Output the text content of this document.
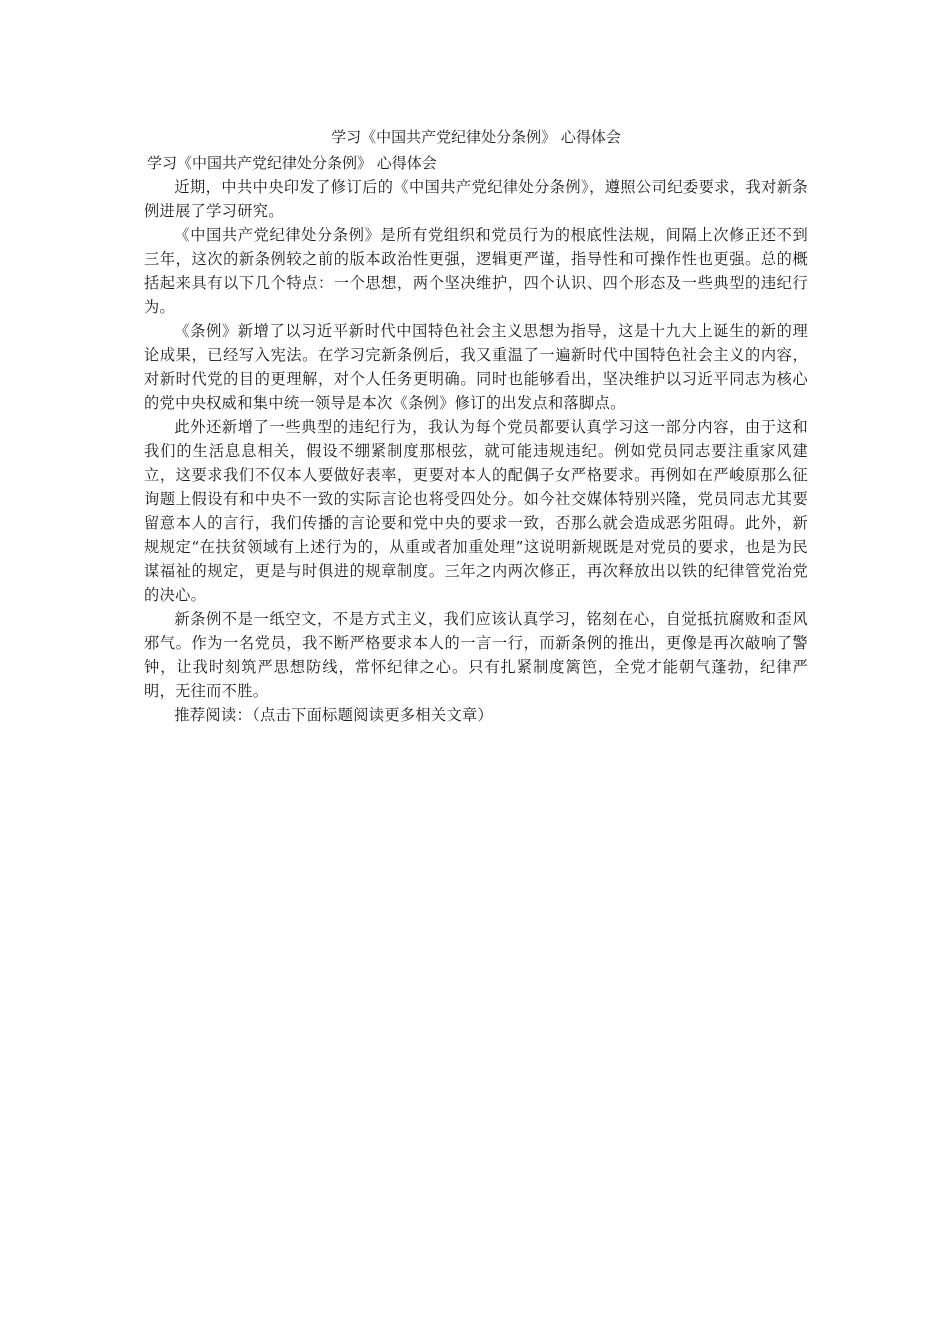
学习《中国共产党纪律处分条例》 心得体会
学习《中国共产党纪律处分条例》 心得体会

近期，中共中央印发了修订后的《中国共产党纪律处分条例》，遵照公司纪委要求，我对新条例进展了学习研究。

《中国共产党纪律处分条例》是所有党组织和党员行为的根底性法规，间隔上次修正还不到三年，这次的新条例较之前的版本政治性更强，逻辑更严谨，指导性和可操作性也更强。总的概括起来具有以下几个特点：一个思想，两个坚决维护，四个认识、四个形态及一些典型的违纪行为。

《条例》新增了以习近平新时代中国特色社会主义思想为指导，这是十九大上诞生的新的理论成果，已经写入宪法。在学习完新条例后，我又重温了一遍新时代中国特色社会主义的内容，对新时代党的目的更理解，对个人任务更明确。同时也能够看出，坚决维护以习近平同志为核心的党中央权威和集中统一领导是本次《条例》修订的出发点和落脚点。

此外还新增了一些典型的违纪行为，我认为每个党员都要认真学习这一部分内容，由于这和我们的生活息息相关，假设不绷紧制度那根弦，就可能违规违纪。例如党员同志要注重家风建立，这要求我们不仅本人要做好表率，更要对本人的配偶子女严格要求。再例如在严峻原那么征询题上假设有和中央不一致的实际言论也将受四处分。如今社交媒体特别兴隆，党员同志尤其要留意本人的言行，我们传播的言论要和党中央的要求一致，否那么就会造成恶劣阻碍。此外，新规规定“在扶贫领域有上述行为的，从重或者加重处理”这说明新规既是对党员的要求，也是为民谋福祉的规定，更是与时俱进的规章制度。三年之内两次修正，再次释放出以铁的纪律管党治党的决心。

新条例不是一纸空文，不是方式主义，我们应该认真学习，铭刻在心，自觉抵抗腐败和歪风邪气。作为一名党员，我不断严格要求本人的一言一行，而新条例的推出，更像是再次敲响了警钟，让我时刻筑严思想防线，常怀纪律之心。只有扎紧制度篱笆，全党才能朝气蓬勃，纪律严明，无往而不胜。

推荐阅读：（点击下面标题阅读更多相关文章）
